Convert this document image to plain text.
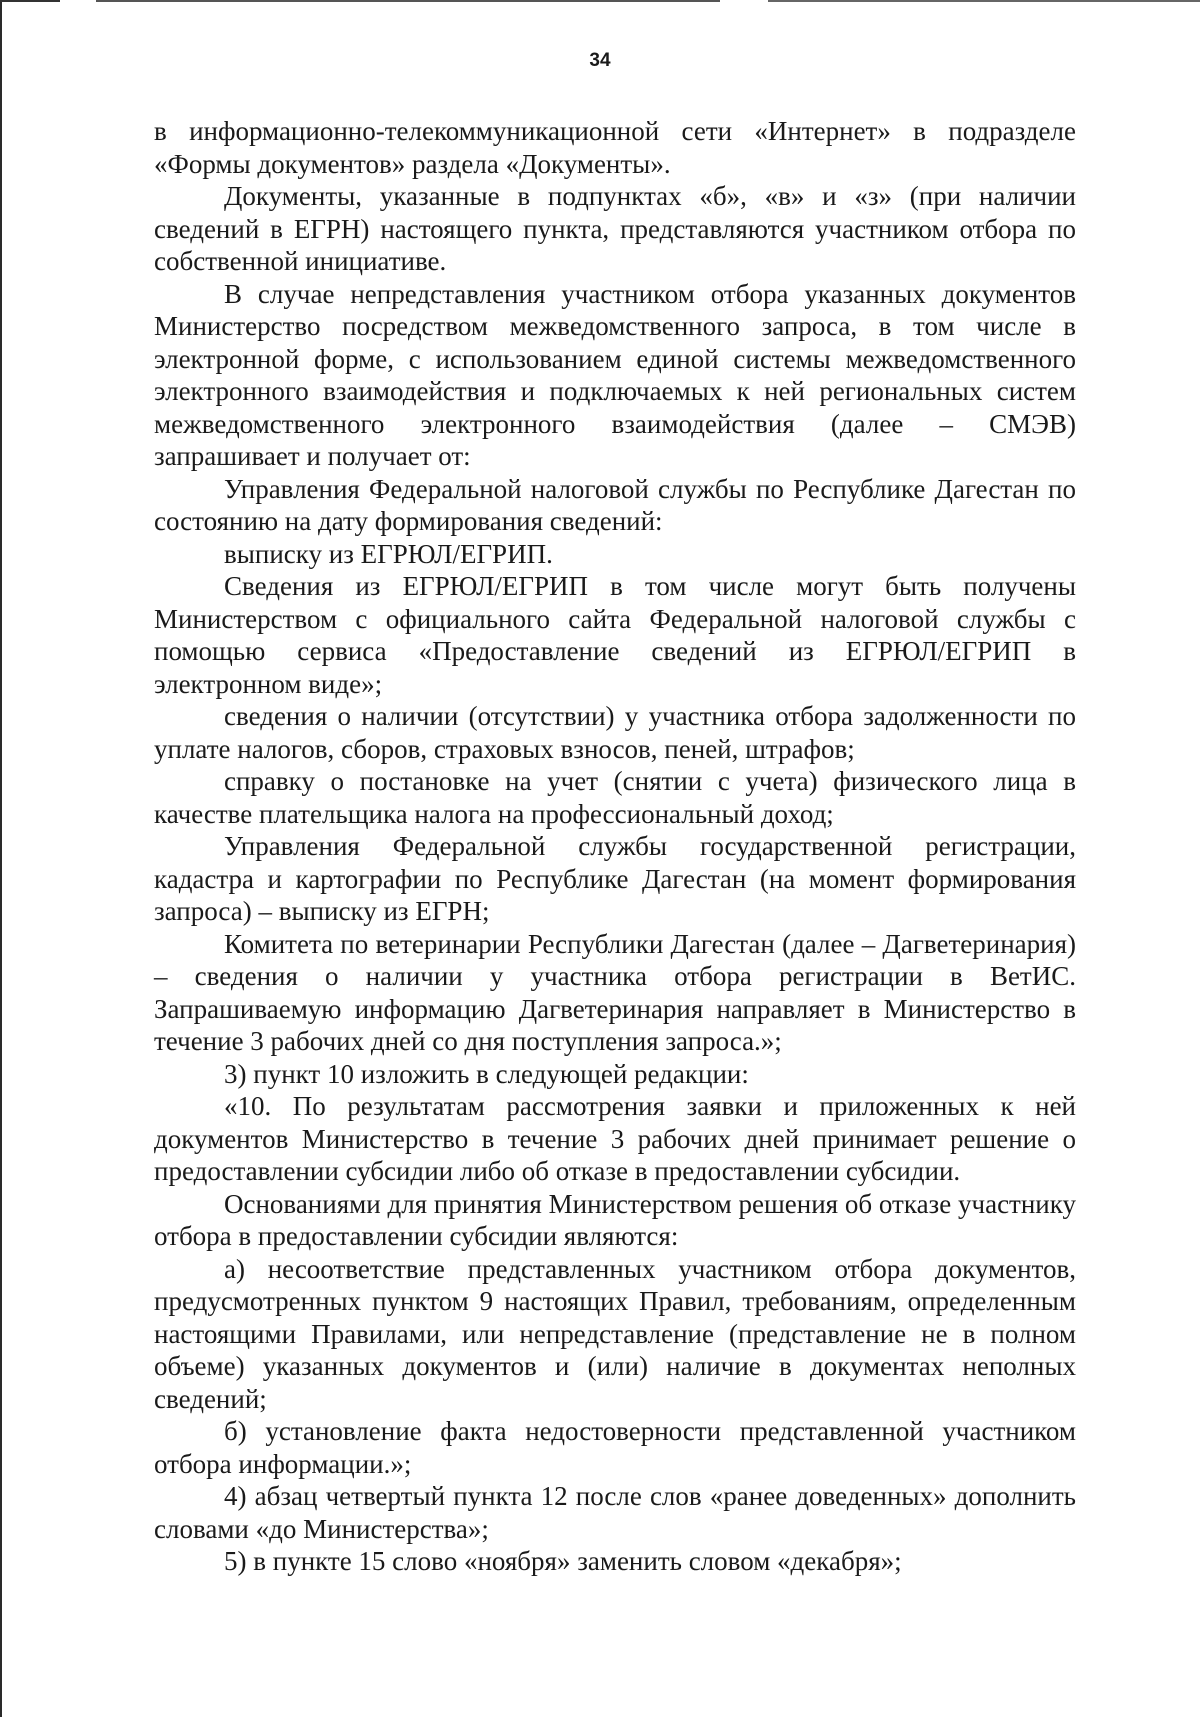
34

в информационно-телекоммуникационной сети «Интернет» в подразделе «Формы документов» раздела «Документы».

Документы, указанные в подпунктах «б», «в» и «з» (при наличии сведений в ЕГРН) настоящего пункта, представляются участником отбора по собственной инициативе.

В случае непредставления участником отбора указанных документов Министерство посредством межведомственного запроса, в том числе в электронной форме, с использованием единой системы межведомственного электронного взаимодействия и подключаемых к ней региональных систем межведомственного электронного взаимодействия (далее – СМЭВ) запрашивает и получает от:

Управления Федеральной налоговой службы по Республике Дагестан по состоянию на дату формирования сведений:

выписку из ЕГРЮЛ/ЕГРИП.

Сведения из ЕГРЮЛ/ЕГРИП в том числе могут быть получены Министерством с официального сайта Федеральной налоговой службы с помощью сервиса «Предоставление сведений из ЕГРЮЛ/ЕГРИП в электронном виде»;

сведения о наличии (отсутствии) у участника отбора задолженности по уплате налогов, сборов, страховых взносов, пеней, штрафов;

справку о постановке на учет (снятии с учета) физического лица в качестве плательщика налога на профессиональный доход;

Управления Федеральной службы государственной регистрации, кадастра и картографии по Республике Дагестан (на момент формирования запроса) – выписку из ЕГРН;

Комитета по ветеринарии Республики Дагестан (далее – Дагветеринария) – сведения о наличии у участника отбора регистрации в ВетИС. Запрашиваемую информацию Дагветеринария направляет в Министерство в течение 3 рабочих дней со дня поступления запроса.»;

3) пункт 10 изложить в следующей редакции:

«10. По результатам рассмотрения заявки и приложенных к ней документов Министерство в течение 3 рабочих дней принимает решение о предоставлении субсидии либо об отказе в предоставлении субсидии.

Основаниями для принятия Министерством решения об отказе участнику отбора в предоставлении субсидии являются:

а) несоответствие представленных участником отбора документов, предусмотренных пунктом 9 настоящих Правил, требованиям, определенным настоящими Правилами, или непредставление (представление не в полном объеме) указанных документов и (или) наличие в документах неполных сведений;

б) установление факта недостоверности представленной участником отбора информации.»;

4) абзац четвертый пункта 12 после слов «ранее доведенных» дополнить словами «до Министерства»;

5) в пункте 15 слово «ноября» заменить словом «декабря»;
